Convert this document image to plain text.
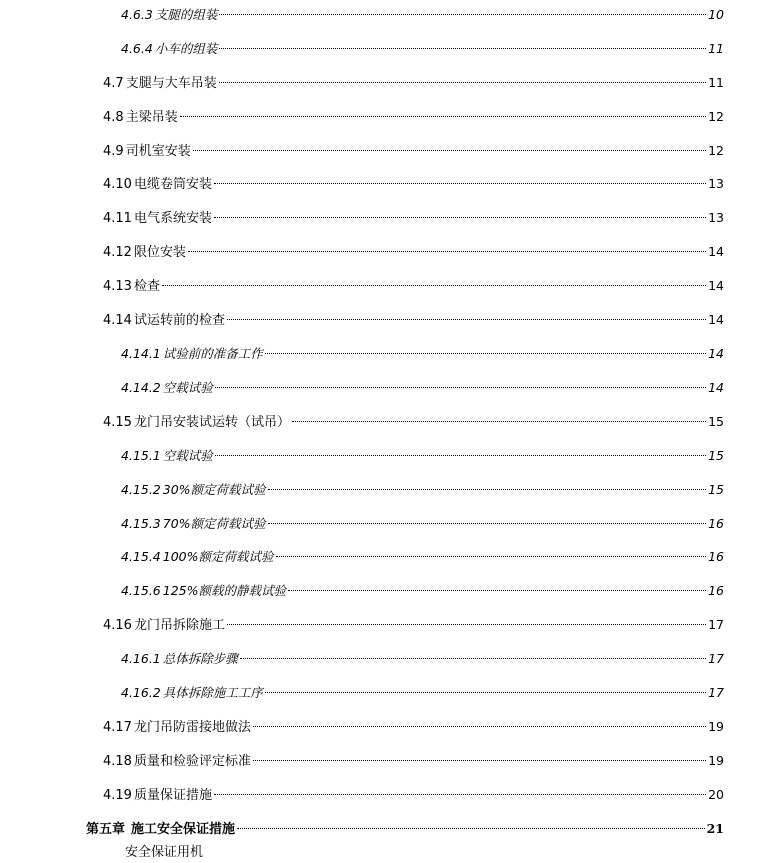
4.6.3 支腿的组装	10
4.6.4 小车的组装	11
4.7 支腿与大车吊装	11
4.8 主梁吊装	12
4.9 司机室安装	12
4.10 电缆卷筒安装	13
4.11 电气系统安装	13
4.12 限位安装	14
4.13 检查	14
4.14 试运转前的检查	14
4.14.1 试验前的准备工作	14
4.14.2 空载试验	14
4.15 龙门吊安装试运转（试吊）	15
4.15.1 空载试验	15
4.15.2 30%额定荷载试验	15
4.15.3 70%额定荷载试验	16
4.15.4 100%额定荷载试验	16
4.15.6 125%额载的静载试验	16
4.16 龙门吊拆除施工	17
4.16.1 总体拆除步骤	17
4.16.2 具体拆除施工工序	17
4.17 龙门吊防雷接地做法	19
4.18 质量和检验评定标准	19
4.19 质量保证措施	20
第五章 施工安全保证措施	21
安全保证用机
